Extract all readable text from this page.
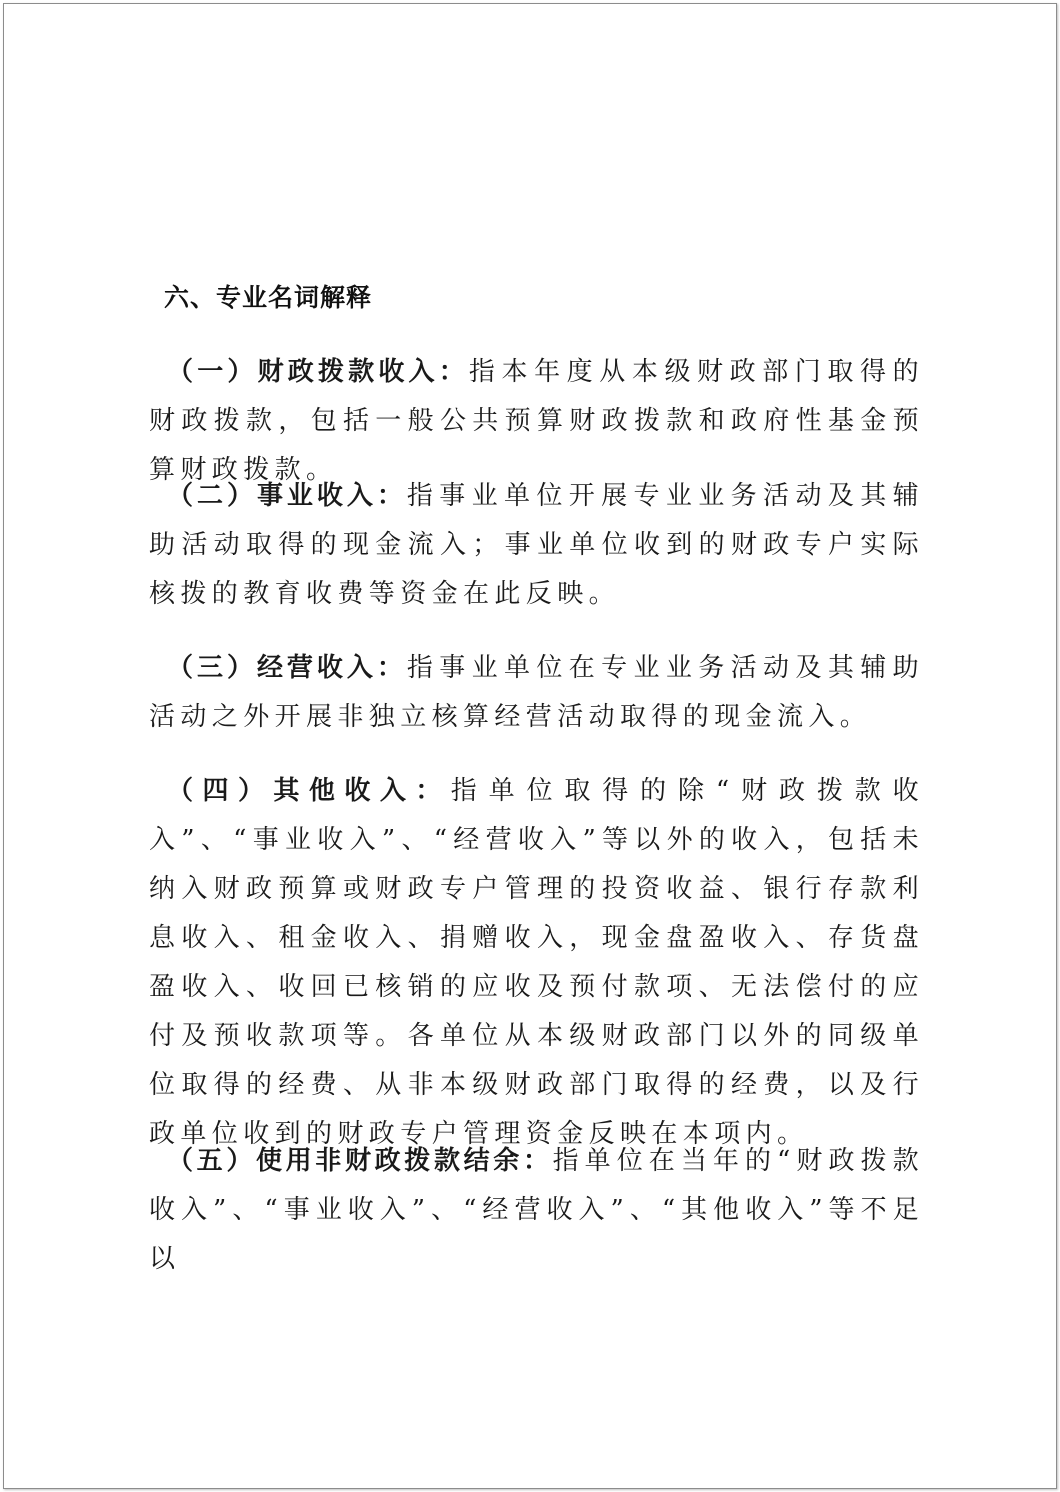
六、专业名词解释

（一）财政拨款收入：指本年度从本级财政部门取得的财政拨款，包括一般公共预算财政拨款和政府性基金预算财政拨款。

（二）事业收入：指事业单位开展专业业务活动及其辅助活动取得的现金流入；事业单位收到的财政专户实际核拨的教育收费等资金在此反映。

（三）经营收入：指事业单位在专业业务活动及其辅助活动之外开展非独立核算经营活动取得的现金流入。

（四）其他收入：指单位取得的除“财政拨款收入”、“事业收入”、“经营收入”等以外的收入，包括未纳入财政预算或财政专户管理的投资收益、银行存款利息收入、租金收入、捐赠收入，现金盘盈收入、存货盘盈收入、收回已核销的应收及预付款项、无法偿付的应付及预收款项等。各单位从本级财政部门以外的同级单位取得的经费、从非本级财政部门取得的经费，以及行政单位收到的财政专户管理资金反映在本项内。

（五）使用非财政拨款结余：指单位在当年的“财政拨款收入”、“事业收入”、“经营收入”、“其他收入”等不足以
